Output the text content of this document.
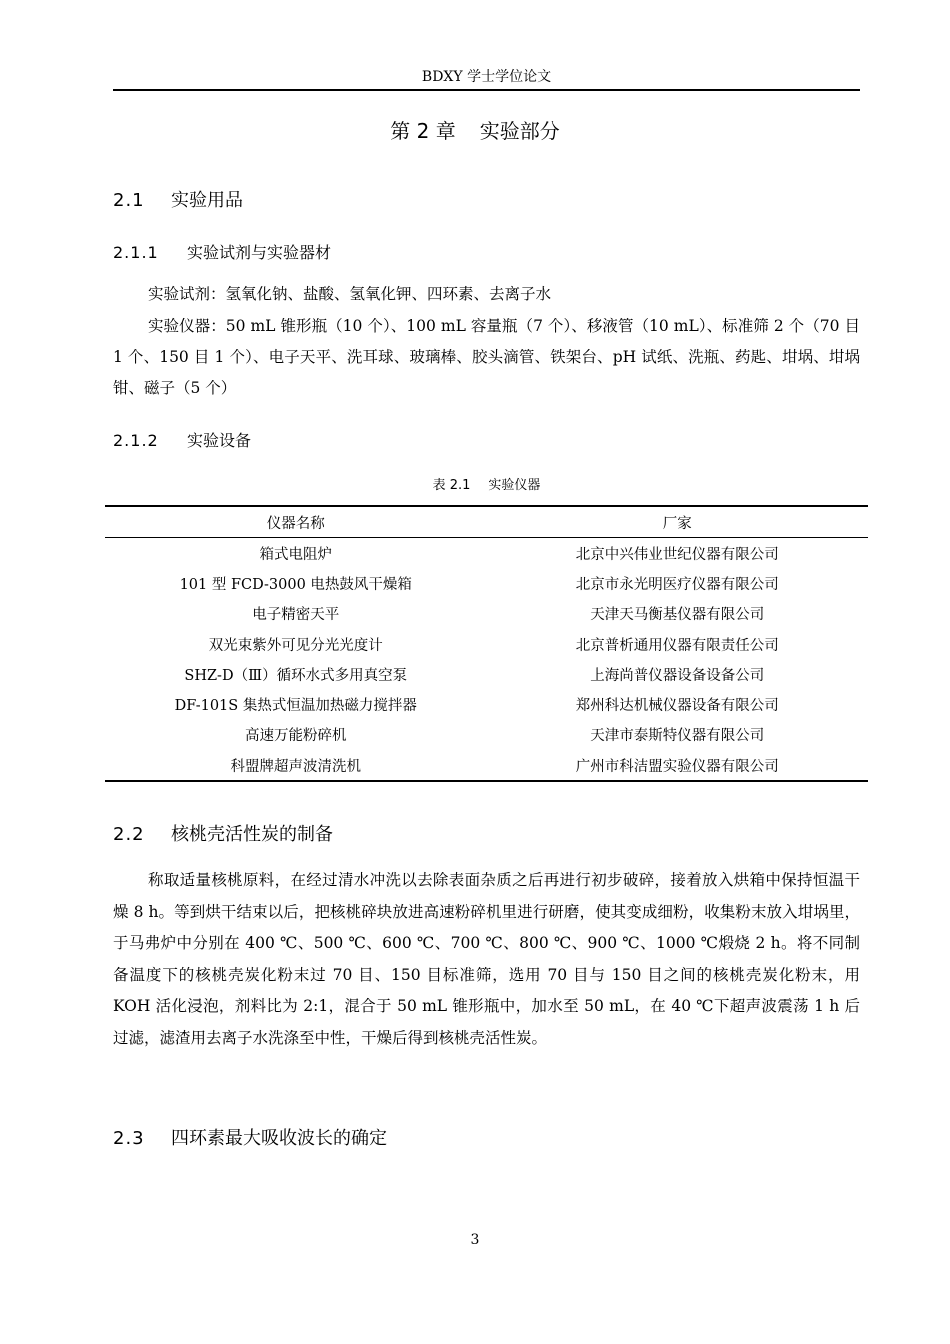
BDXY 学士学位论文
第 2 章 实验部分
2.1 实验用品
2.1.1 实验试剂与实验器材
实验试剂：氢氧化钠、盐酸、氢氧化钾、四环素、去离子水
实验仪器：50 mL 锥形瓶（10 个）、100 mL 容量瓶（7 个）、移液管（10 mL）、标准筛 2 个（70 目 1 个、150 目 1 个）、电子天平、洗耳球、玻璃棒、胶头滴管、铁架台、pH 试纸、洗瓶、药匙、坩埚、坩埚钳、磁子（5 个）
2.1.2 实验设备
表 2.1 实验仪器
仪器名称	厂家
箱式电阻炉	北京中兴伟业世纪仪器有限公司
101 型 FCD-3000 电热鼓风干燥箱	北京市永光明医疗仪器有限公司
电子精密天平	天津天马衡基仪器有限公司
双光束紫外可见分光光度计	北京普析通用仪器有限责任公司
SHZ-D（Ⅲ）循环水式多用真空泵	上海尚普仪器设备设备公司
DF-101S 集热式恒温加热磁力搅拌器	郑州科达机械仪器设备有限公司
高速万能粉碎机	天津市泰斯特仪器有限公司
科盟牌超声波清洗机	广州市科洁盟实验仪器有限公司
2.2 核桃壳活性炭的制备
称取适量核桃原料，在经过清水冲洗以去除表面杂质之后再进行初步破碎，接着放入烘箱中保持恒温干燥 8 h。等到烘干结束以后，把核桃碎块放进高速粉碎机里进行研磨，使其变成细粉，收集粉末放入坩埚里，于马弗炉中分别在 400 ℃、500 ℃、600 ℃、700 ℃、800 ℃、900 ℃、1000 ℃煅烧 2 h。将不同制备温度下的核桃壳炭化粉末过 70 目、150 目标准筛，选用 70 目与 150 目之间的核桃壳炭化粉末，用 KOH 活化浸泡，剂料比为 2:1，混合于 50 mL 锥形瓶中，加水至 50 mL，在 40 ℃下超声波震荡 1 h 后过滤，滤渣用去离子水洗涤至中性，干燥后得到核桃壳活性炭。
2.3 四环素最大吸收波长的确定
3
